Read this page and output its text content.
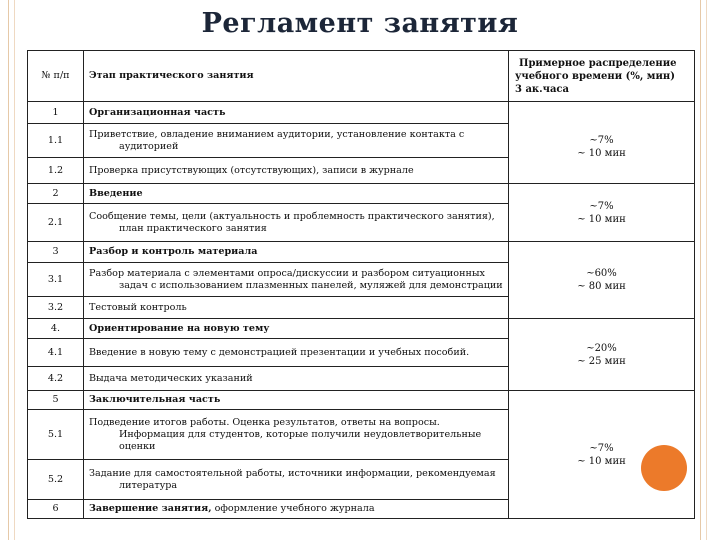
Регламент занятия
№ п/п	Этап практического занятия	Примерное распределение
учебного времени (%, мин)
3 ак.часа

1	Организационная часть	~7%
~ 10 мин

1.1	Приветствие, овладение вниманием аудитории, установление контакта с
аудиторией	

1.2	Проверка присутствующих (отсутствующих), записи в журнале	
2	Введение	~7%
~ 10 мин

2.1	Сообщение темы, цели (актуальность и проблемность практического занятия),
план практического занятия	

3	Разбор и контроль материала	~60%
~ 80 мин

3.1	Разбор материала с элементами опроса/дискуссии и разбором ситуационных
задач с использованием плазменных панелей, муляжей для демонстрации	

3.2	Тестовый контроль	
4.	Ориентирование на новую тему	~20%
~ 25 мин

4.1	Введение в новую тему с демонстрацией презентации и учебных пособий.	
4.2	Выдача методических указаний	
5	Заключительная часть	~7%
~ 10 мин

5.1	Подведение итогов работы. Оценка результатов, ответы на вопросы.
Информация для студентов, которые получили неудовлетворительные
оценки	

5.2	Задание для самостоятельной работы, источники информации, рекомендуемая
литература	

6	Завершение занятия, оформление учебного журнала	
